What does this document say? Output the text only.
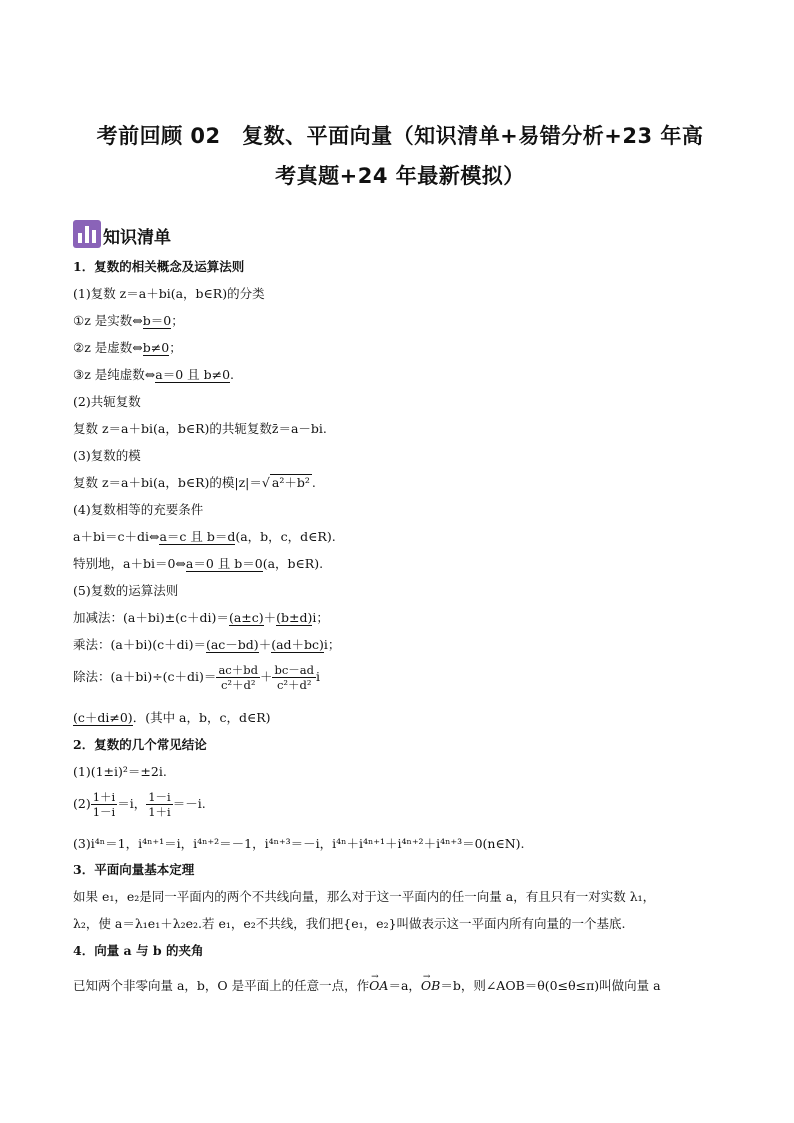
考前回顾 02　复数、平面向量（知识清单+易错分析+23 年高
考真题+24 年最新模拟）
知识清单
1．复数的相关概念及运算法则
(1)复数 z＝a＋bi(a，b∈R)的分类
①z 是实数⇔b＝0；
②z 是虚数⇔b≠0；
③z 是纯虚数⇔a＝0 且 b≠0.
(2)共轭复数
复数 z＝a＋bi(a，b∈R)的共轭复数z̄＝a－bi.
(3)复数的模
复数 z＝a＋bi(a，b∈R)的模|z|＝√ a²＋b² .
(4)复数相等的充要条件
a＋bi＝c＋di⇔a＝c 且 b＝d(a，b，c，d∈R).
特别地，a＋bi＝0⇔a＝0 且 b＝0(a，b∈R).
(5)复数的运算法则
加减法：(a＋bi)±(c＋di)＝(a±c)＋(b±d)i；
乘法：(a＋bi)(c＋di)＝(ac－bd)＋(ad＋bc)i；
除法：$(a+bi)\div(c+di)= \frac{ac+bd}{\text{c²＋d²}} + \frac{bc-ad}{\text{c²＋d²}}$ i
(c＋di≠0)．(其中 a，b，c，d∈R)
2．复数的几个常见结论
(1)(1±i)²＝±2i.
$(2) \frac{1+i}{1-i} =i$， $\frac{1-i}{1+i} =-i$.
(3)i⁴ⁿ＝1，i⁴ⁿ⁺¹＝i，i⁴ⁿ⁺²＝－1，i⁴ⁿ⁺³＝－i，i⁴ⁿ＋i⁴ⁿ⁺¹＋i⁴ⁿ⁺²＋i⁴ⁿ⁺³＝0(n∈N).
3．平面向量基本定理
如果 e₁，e₂是同一平面内的两个不共线向量，那么对于这一平面内的任一向量 a，有且只有一对实数 λ₁，
λ₂，使 a＝λ₁e₁＋λ₂e₂.若 e₁，e₂不共线，我们把{e₁，e₂}叫做表示这一平面内所有向量的一个基底.
4．向量 a 与 b 的夹角
已知两个非零向量 a，b，O 是平面上的任意一点，作→ OA＝a，→ OB＝b，则∠AOB＝θ(0≤θ≤π)叫做向量 a
